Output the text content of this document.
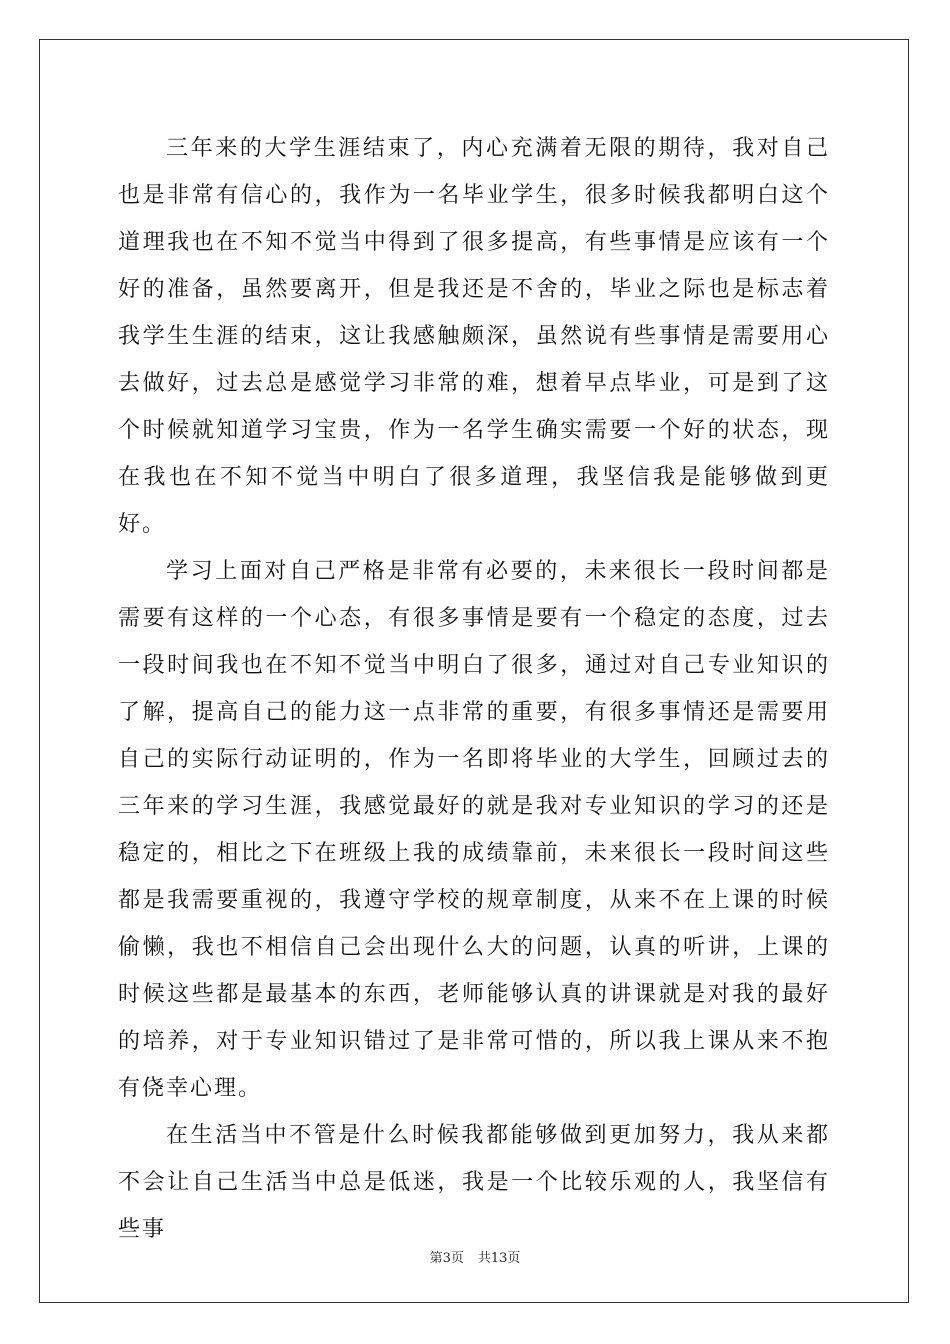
三年来的大学生涯结束了，内心充满着无限的期待，我对自己也是非常有信心的，我作为一名毕业学生，很多时候我都明白这个道理我也在不知不觉当中得到了很多提高，有些事情是应该有一个好的准备，虽然要离开，但是我还是不舍的，毕业之际也是标志着我学生生涯的结束，这让我感触颇深，虽然说有些事情是需要用心去做好，过去总是感觉学习非常的难，想着早点毕业，可是到了这个时候就知道学习宝贵，作为一名学生确实需要一个好的状态，现在我也在不知不觉当中明白了很多道理，我坚信我是能够做到更好。

学习上面对自己严格是非常有必要的，未来很长一段时间都是需要有这样的一个心态，有很多事情是要有一个稳定的态度，过去一段时间我也在不知不觉当中明白了很多，通过对自己专业知识的了解，提高自己的能力这一点非常的重要，有很多事情还是需要用自己的实际行动证明的，作为一名即将毕业的大学生，回顾过去的三年来的学习生涯，我感觉最好的就是我对专业知识的学习的还是稳定的，相比之下在班级上我的成绩靠前，未来很长一段时间这些都是我需要重视的，我遵守学校的规章制度，从来不在上课的时候偷懒，我也不相信自己会出现什么大的问题，认真的听讲，上课的时候这些都是最基本的东西，老师能够认真的讲课就是对我的最好的培养，对于专业知识错过了是非常可惜的，所以我上课从来不抱有侥幸心理。

在生活当中不管是什么时候我都能够做到更加努力，我从来都不会让自己生活当中总是低迷，我是一个比较乐观的人，我坚信有些事

第3页 共13页
